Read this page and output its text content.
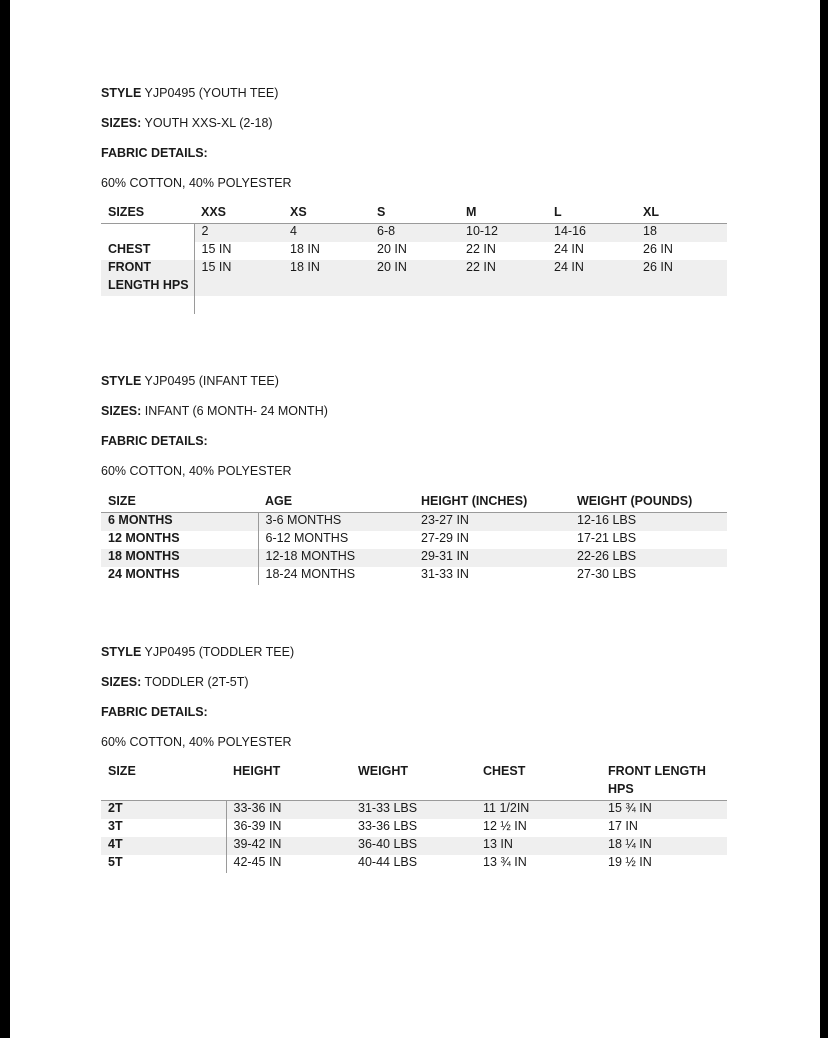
STYLE YJP0495 (YOUTH TEE)
SIZES: YOUTH XXS-XL (2-18)
FABRIC DETAILS:
60% COTTON, 40% POLYESTER
SIZES	XXS	XS	S	M	L	XL
	2	4	6-8	10-12	14-16	18
CHEST	15 IN	18 IN	20 IN	22 IN	24 IN	26 IN
FRONT	15 IN	18 IN	20 IN	22 IN	24 IN	26 IN
LENGTH HPS						

STYLE YJP0495 (INFANT TEE)
SIZES: INFANT (6 MONTH- 24 MONTH)
FABRIC DETAILS:
60% COTTON, 40% POLYESTER
SIZE	AGE	HEIGHT (INCHES)	WEIGHT (POUNDS)
6 MONTHS	3-6 MONTHS	23-27 IN	12-16 LBS
12 MONTHS	6-12 MONTHS	27-29 IN	17-21 LBS
18 MONTHS	12-18 MONTHS	29-31 IN	22-26 LBS
24 MONTHS	18-24 MONTHS	31-33 IN	27-30 LBS
STYLE YJP0495 (TODDLER TEE)
SIZES: TODDLER (2T-5T)
FABRIC DETAILS:
60% COTTON, 40% POLYESTER
SIZE	HEIGHT	WEIGHT	CHEST	FRONT LENGTH
				HPS
2T	33-36 IN	31-33 LBS	11 1/2IN	15 ¾ IN
3T	36-39 IN	33-36 LBS	12 ½ IN	17 IN
4T	39-42 IN	36-40 LBS	13 IN	18 ¼ IN
5T	42-45 IN	40-44 LBS	13 ¾ IN	19 ½ IN
